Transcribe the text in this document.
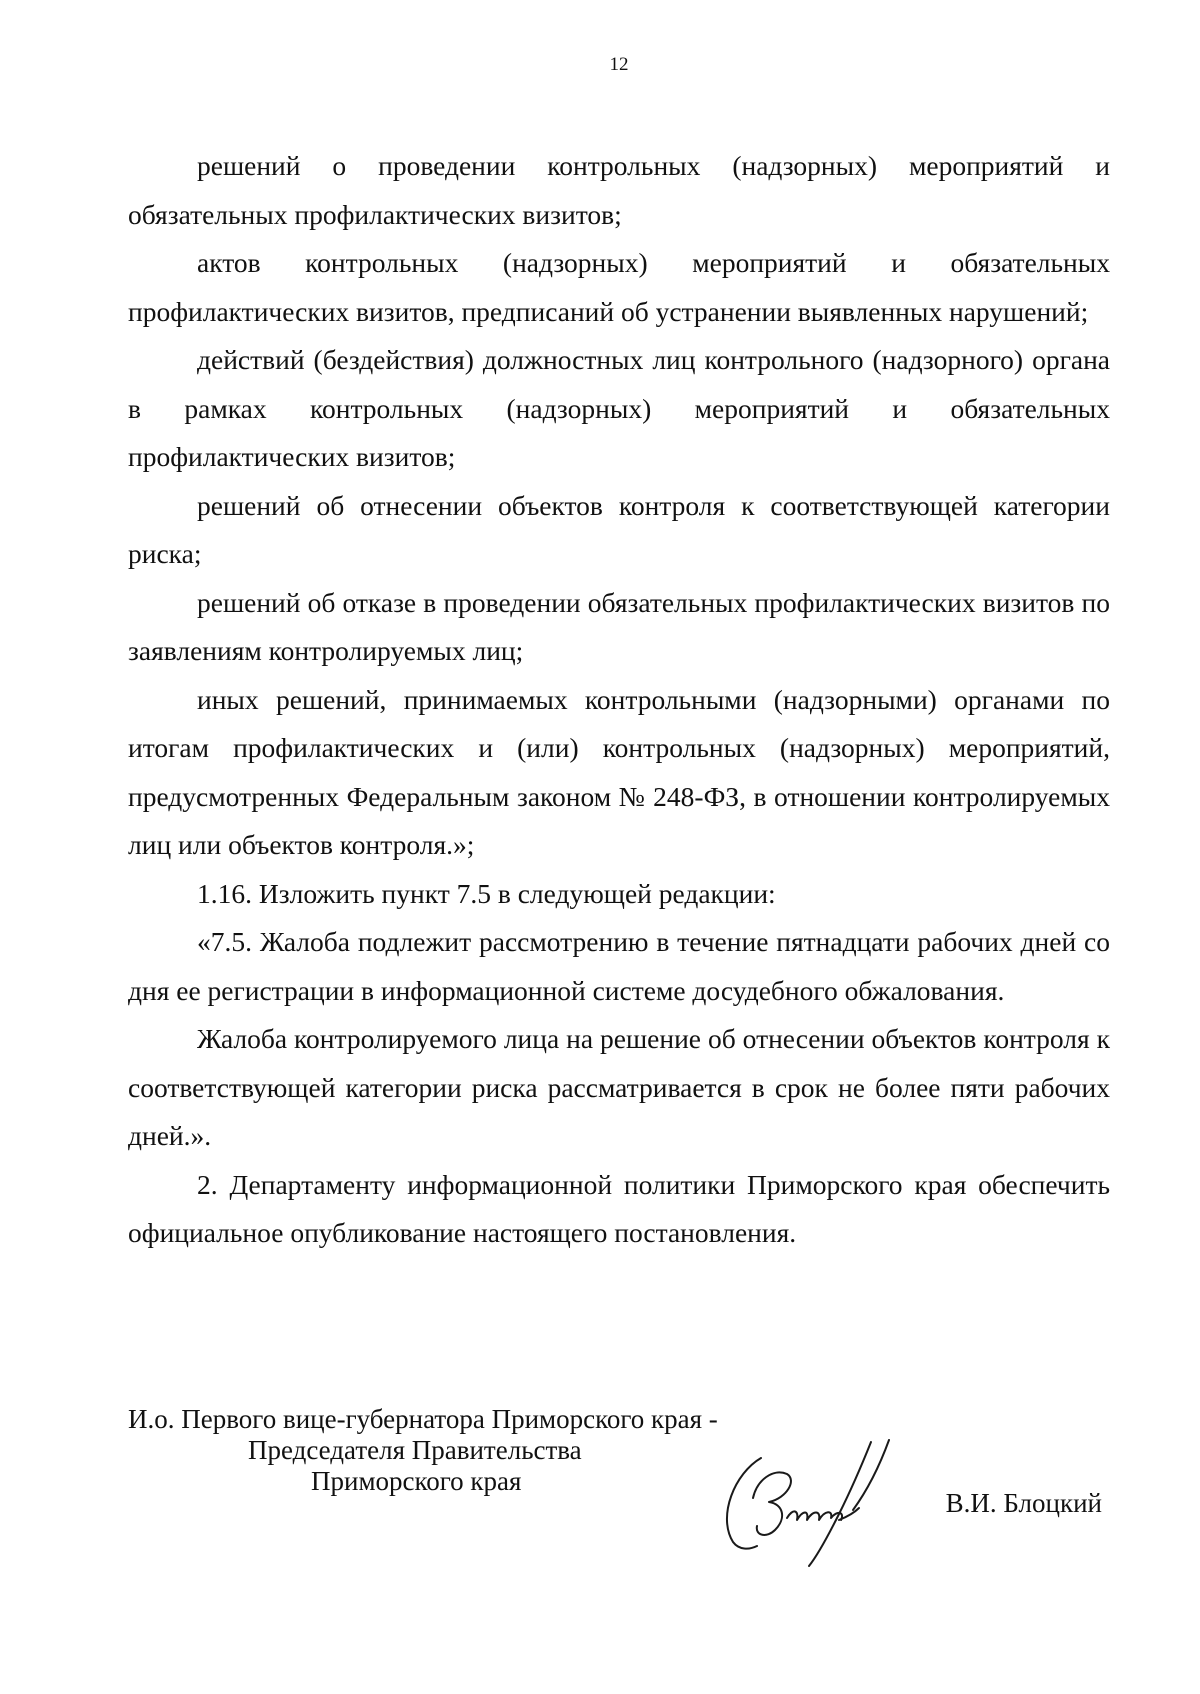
12

решений о проведении контрольных (надзорных) мероприятий и обязательных профилактических визитов;

актов контрольных (надзорных) мероприятий и обязательных профилактических визитов, предписаний об устранении выявленных нарушений;

действий (бездействия) должностных лиц контрольного (надзорного) органа в рамках контрольных (надзорных) мероприятий и обязательных профилактических визитов;

решений об отнесении объектов контроля к соответствующей категории риска;

решений об отказе в проведении обязательных профилактических визитов по заявлениям контролируемых лиц;

иных решений, принимаемых контрольными (надзорными) органами по итогам профилактических и (или) контрольных (надзорных) мероприятий, предусмотренных Федеральным законом № 248-ФЗ, в отношении контролируемых лиц или объектов контроля.»;

1.16. Изложить пункт 7.5 в следующей редакции:

«7.5. Жалоба подлежит рассмотрению в течение пятнадцати рабочих дней со дня ее регистрации в информационной системе досудебного обжалования.

Жалоба контролируемого лица на решение об отнесении объектов контроля к соответствующей категории риска рассматривается в срок не более пяти рабочих дней.».

2. Департаменту информационной политики Приморского края обеспечить официальное опубликование настоящего постановления.

И.о. Первого вице-губернатора Приморского края -
Председателя Правительства
Приморского края
В.И. Блоцкий
